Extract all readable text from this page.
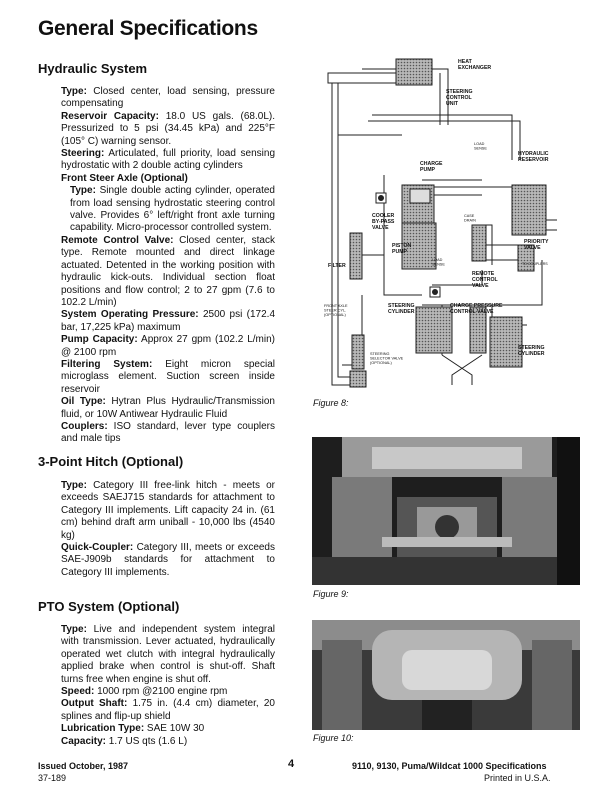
General Specifications
Hydraulic System

Type: Closed center, load sensing, pressure compensating

Reservoir Capacity: 18.0 US gals. (68.0L). Pressurized to 5 psi (34.45 kPa) and 225°F (105° C) warning sensor.

Steering: Articulated, full priority, load sensing hydrostatic with 2 double acting cylinders

Front Steer Axle (Optional)

Type: Single double acting cylinder, operated from load sensing hydrostatic steering control valve. Provides 6° left/right front axle turning capability. Micro-processor controlled system.

Remote Control Valve: Closed center, stack type. Remote mounted and direct linkage actuated. Detented in the working position with hydraulic kick-outs. Individual section float positions and flow control; 2 to 27 gpm (7.6 to 102.2 L/min)

System Operating Pressure: 2500 psi (172.4 bar, 17,225 kPa) maximum

Pump Capacity: Approx 27 gpm (102.2 L/min) @ 2100 rpm

Filtering System: Eight micron special microglass element. Suction screen inside reservoir

Oil Type: Hytran Plus Hydraulic/Transmission fluid, or 10W Antiwear Hydraulic Fluid

Couplers: ISO standard, lever type couplers and male tips

3-Point Hitch (Optional)

Type: Category III free-link hitch - meets or exceeds SAEJ715 standards for attachment to Category III implements. Lift capacity 24 in. (61 cm) behind draft arm uniball - 10,000 lbs (4540 kg)

Quick-Coupler: Category III, meets or exceeds SAE-J909b standards for attachment to Category III implements.

PTO System (Optional)

Type: Live and independent system integral with transmission. Lever actuated, hydraulically operated wet clutch with integral hydraulically applied brake when control is shut-off. Shaft turns free when engine is shut off.

Speed: 1000 rpm @2100 engine rpm

Output Shaft: 1.75 in. (4.4 cm) diameter, 20 splines and flip-up shield

Lubrication Type: SAE 10W 30

Capacity: 1.7 US qts (1.6 L)

HEAT EXCHANGER
STEERING CONTROL UNIT
LOAD SENSE
CHARGE PUMP
HYDRAULIC RESERVOIR
COOLER BY-PASS VALVE
CASE DRAIN
PRIORITY VALVE
TO COUPLERS
FILTER
PISTON PUMP
LOAD SENSE
REMOTE CONTROL VALVE
FRONT AXLE STEER CYL. (OPTIONAL)
STEERING CYLINDER
CHARGE PRESSURE CONTROL VALVE
STEERING CYLINDER
STEERING SELECTOR VALVE (OPTIONAL)
Figure 8:
Figure 9:
Figure 10:
Issued October, 1987
37-189
4	9110, 9130, Puma/Wildcat 1000 Specifications
Printed in U.S.A.
